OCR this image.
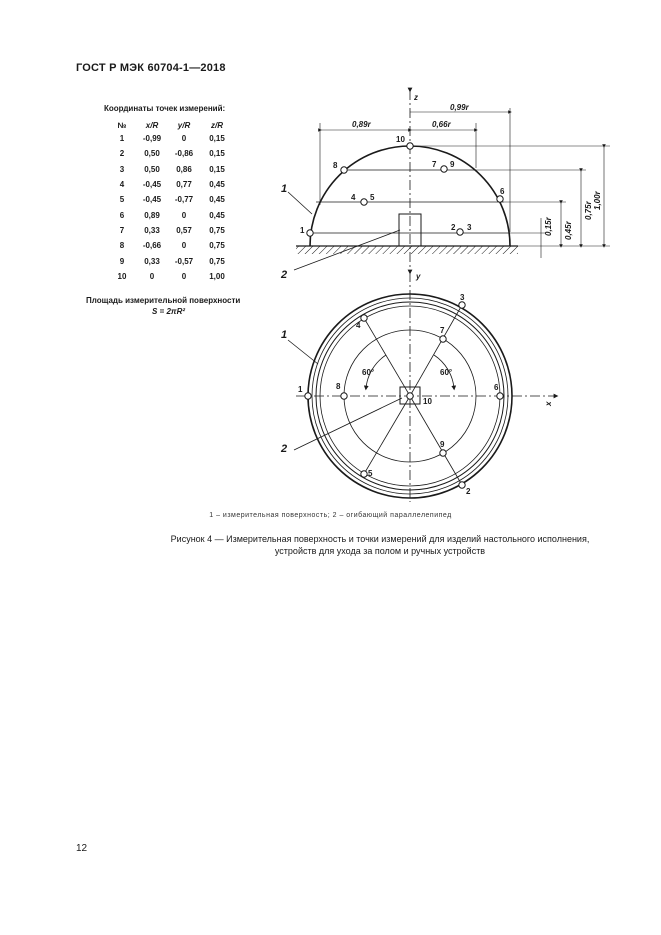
ГОСТ Р МЭК 60704-1—2018
Координаты точек измерений:
№	x/R	y/R	z/R
1	-0,99	0	0,15
2	0,50	-0,86	0,15
3	0,50	0,86	0,15
4	-0,45	0,77	0,45
5	-0,45	-0,77	0,45
6	0,89	0	0,45
7	0,33	0,57	0,75
8	-0,66	0	0,75
9	0,33	-0,57	0,75
10	0	0	1,00
Площадь измерительной поверхности
S = 2πR²
z
0,99r
0,89r	0,66r
0,15r 0,45r
0,75r
1,00r
1
2
1	2 3
4 5
6
7
8	9
10
y
x
60°	60°
1
2
1
2
3
4
5
6
7
8
9
10
1 – измерительная поверхность; 2 – огибающий параллелепипед
Рисунок 4 — Измерительная поверхность и точки измерений для изделий настольного исполнения, устройств для ухода за полом и ручных устройств
12
